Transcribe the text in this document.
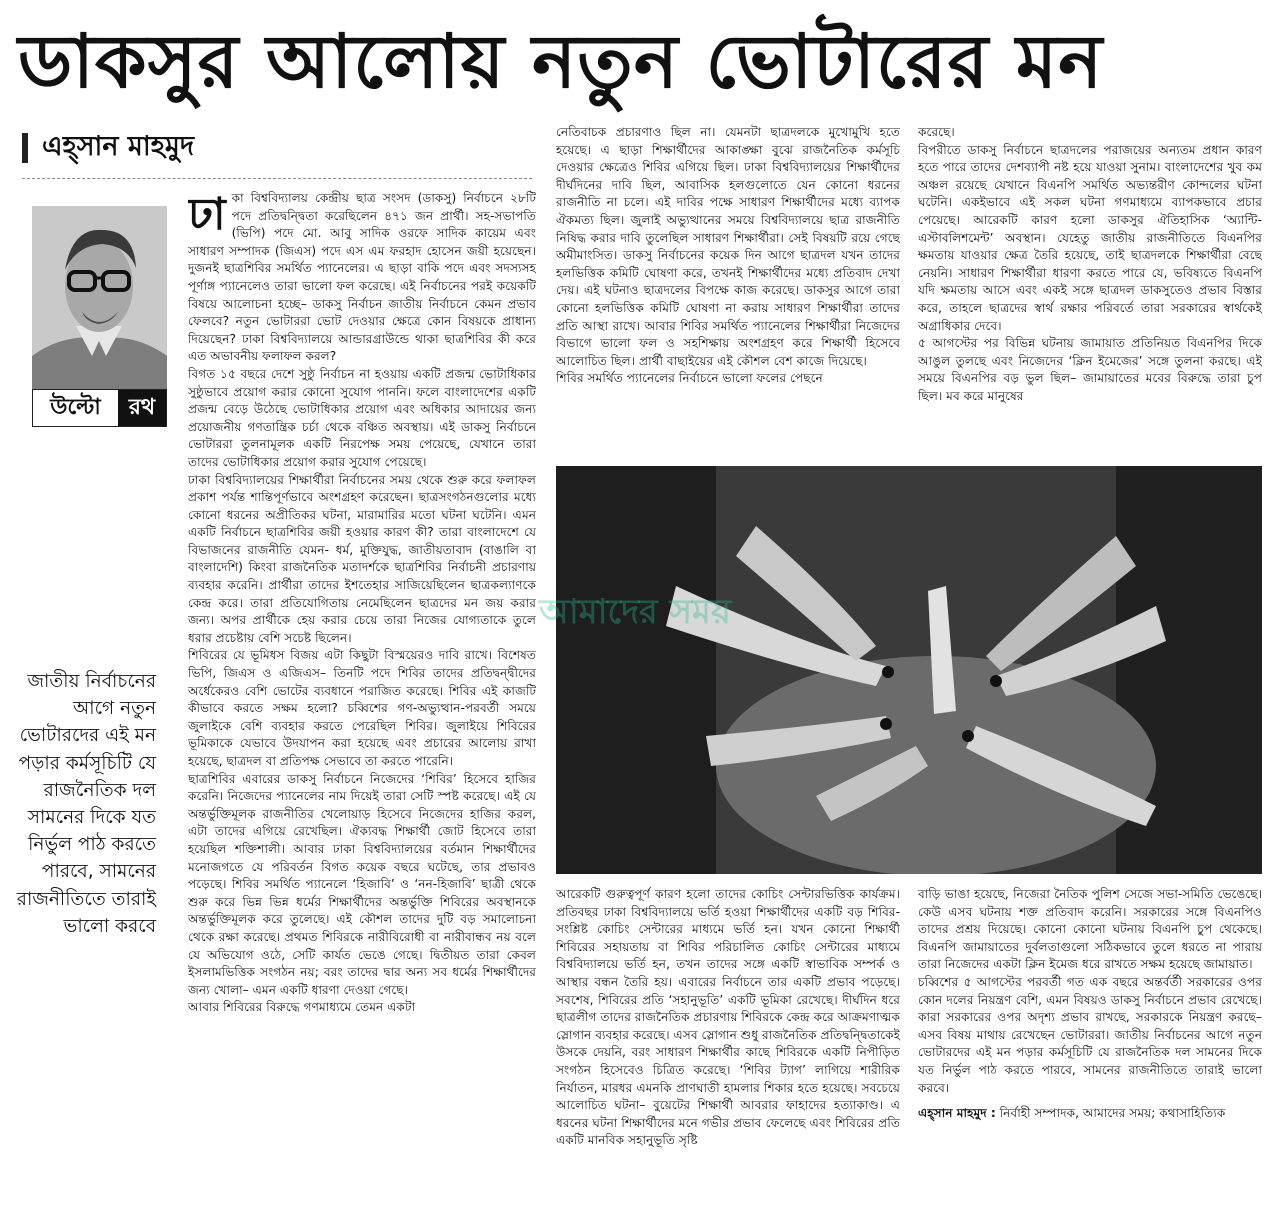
ডাকসুর আলোয় নতুন ভোটারের মন
এহ্‌সান মাহমুদ
উল্টো	রথ
জাতীয় নির্বাচনের আগে নতুন ভোটারদের এই মন পড়ার কর্মসূচিটি যে রাজনৈতিক দল সামনের দিকে যত নির্ভুল পাঠ করতে পারবে, সামনের রাজনীতিতে তারাই ভালো করবে
ঢা কা বিশ্ববিদ্যালয় কেন্দ্রীয় ছাত্র সংসদ (ডাকসু) নির্বাচনে ২৮টি পদে প্রতিদ্বন্দ্বিতা করেছিলেন ৪৭১ জন প্রার্থী। সহ-সভাপতি (ভিপি) পদে মো. আবু সাদিক ওরফে সাদিক কায়েম এবং সাধারণ সম্পাদক (জিএস) পদে এস এম ফরহাদ হোসেন জয়ী হয়েছেন। দুজনই ছাত্রশিবির সমর্থিত প্যানেলের। এ ছাড়া বাকি পদে এবং সদস্যসহ পূর্ণাঙ্গ প্যানেলেও তারা ভালো ফল করেছে। এই নির্বাচনের পরই কয়েকটি বিষয়ে আলোচনা হচ্ছে– ডাকসু নির্বাচন জাতীয় নির্বাচনে কেমন প্রভাব ফেলবে? নতুন ভোটাররা ভোট দেওয়ার ক্ষেত্রে কোন বিষয়কে প্রাধান্য দিয়েছেন? ঢাকা বিশ্ববিদ্যালয়ে আন্ডারগ্রাউন্ডে থাকা ছাত্রশিবির কী করে এত অভাবনীয় ফলাফল করল?

বিগত ১৫ বছরে দেশে সুষ্ঠু নির্বাচন না হওয়ায় একটি প্রজন্ম ভোটাধিকার সুষ্ঠুভাবে প্রয়োগ করার কোনো সুযোগ পাননি। ফলে বাংলাদেশের একটি প্রজন্ম বেড়ে উঠেছে ভোটাধিকার প্রয়োগ এবং অধিকার আদায়ের জন্য প্রয়োজনীয় গণতান্ত্রিক চর্চা থেকে বঞ্চিত অবস্থায়। এই ডাকসু নির্বাচনে ভোটাররা তুলনামূলক একটি নিরপেক্ষ সময় পেয়েছে, যেখানে তারা তাদের ভোটাধিকার প্রয়োগ করার সুযোগ পেয়েছে।

ঢাকা বিশ্ববিদ্যালয়ের শিক্ষার্থীরা নির্বাচনের সময় থেকে শুরু করে ফলাফল প্রকাশ পর্যন্ত শান্তিপূর্ণভাবে অংশগ্রহণ করেছেন। ছাত্রসংগঠনগুলোর মধ্যে কোনো ধরনের অপ্রীতিকর ঘটনা, মারামারির মতো ঘটনা ঘটেনি। এমন একটি নির্বাচনে ছাত্রশিবির জয়ী হওয়ার কারণ কী? তারা বাংলাদেশে যে বিভাজনের রাজনীতি যেমন- ধর্ম, মুক্তিযুদ্ধ, জাতীয়তাবাদ (বাঙালি বা বাংলাদেশি) কিংবা রাজনৈতিক মতাদর্শকে ছাত্রশিবির নির্বাচনী প্রচারণায় ব্যবহার করেনি। প্রার্থীরা তাদের ইশতেহার সাজিয়েছিলেন ছাত্রকল্যাণকে কেন্দ্র করে। তারা প্রতিযোগিতায় নেমেছিলেন ছাত্রদের মন জয় করার জন্য। অপর প্রার্থীকে হেয় করার চেয়ে তারা নিজের যোগ্যতাকে তুলে ধরার প্রচেষ্টায় বেশি সচেষ্ট ছিলেন।

শিবিরের যে ভূমিধস বিজয় এটা কিছুটা বিস্ময়েরও দাবি রাখে। বিশেষত ভিপি, জিএস ও এজিএস– তিনটি পদে শিবির তাদের প্রতিদ্বন্দ্বীদের অর্ধেকেরও বেশি ভোটের ব্যবধানে পরাজিত করেছে। শিবির এই কাজটি কীভাবে করতে সক্ষম হলো? চব্বিশের গণ-অভ্যুত্থান-পরবর্তী সময়ে জুলাইকে বেশি ব্যবহার করতে পেরেছিল শিবির। জুলাইয়ে শিবিরের ভূমিকাকে যেভাবে উদযাপন করা হয়েছে এবং প্রচারের আলোয় রাখা হয়েছে, ছাত্রদল বা প্রতিপক্ষ সেভাবে তা করতে পারেনি।

ছাত্রশিবির এবারের ডাকসু নির্বাচনে নিজেদের ‘শিবির’ হিসেবে হাজির করেনি। নিজেদের প্যানেলের নাম দিয়েই তারা সেটি স্পষ্ট করেছে। এই যে অন্তর্ভুক্তিমূলক রাজনীতির খেলোয়াড় হিসেবে নিজেদের হাজির করল, এটা তাদের এগিয়ে রেখেছিল। ঐক্যবদ্ধ শিক্ষার্থী জোট হিসেবে তারা হয়েছিল শক্তিশালী। আবার ঢাকা বিশ্ববিদ্যালয়ের বর্তমান শিক্ষার্থীদের মনোজগতে যে পরিবর্তন বিগত কয়েক বছরে ঘটেছে, তার প্রভাবও পড়েছে। শিবির সমর্থিত প্যানেলে ‘হিজাবি’ ও ‘নন-হিজাবি’ ছাত্রী থেকে শুরু করে ভিন্ন ভিন্ন ধর্মের শিক্ষার্থীদের অন্তর্ভুক্তি শিবিরের অবস্থানকে অন্তর্ভুক্তিমূলক করে তুলেছে। এই কৌশল তাদের দুটি বড় সমালোচনা থেকে রক্ষা করেছে। প্রথমত শিবিরকে নারীবিরোধী বা নারীবান্ধব নয় বলে যে অভিযোগ ওঠে, সেটি কার্যত ভেঙে গেছে। দ্বিতীয়ত তারা কেবল ইসলামভিত্তিক সংগঠন নয়; বরং তাদের দ্বার অন্য সব ধর্মের শিক্ষার্থীদের জন্য খোলা– এমন একটি ধারণা দেওয়া গেছে।

আবার শিবিরের বিরুদ্ধে গণমাধ্যমে তেমন একটা

নেতিবাচক প্রচারণাও ছিল না। যেমনটা ছাত্রদলকে মুখোমুখি হতে হয়েছে। এ ছাড়া শিক্ষার্থীদের আকাঙ্ক্ষা বুঝে রাজনৈতিক কর্মসূচি দেওয়ার ক্ষেত্রেও শিবির এগিয়ে ছিল। ঢাকা বিশ্ববিদ্যালয়ের শিক্ষার্থীদের দীর্ঘদিনের দাবি ছিল, আবাসিক হলগুলোতে যেন কোনো ধরনের রাজনীতি না চলে। এই দাবির পক্ষে সাধারণ শিক্ষার্থীদের মধ্যে ব্যাপক ঐকমত্য ছিল। জুলাই অভ্যুত্থানের সময়ে বিশ্ববিদ্যালয়ে ছাত্র রাজনীতি নিষিদ্ধ করার দাবি তুলেছিল সাধারণ শিক্ষার্থীরা। সেই বিষয়টি রয়ে গেছে অমীমাংসিত। ডাকসু নির্বাচনের কয়েক দিন আগে ছাত্রদল যখন তাদের হলভিত্তিক কমিটি ঘোষণা করে, তখনই শিক্ষার্থীদের মধ্যে প্রতিবাদ দেখা দেয়। এই ঘটনাও ছাত্রদলের বিপক্ষে কাজ করেছে। ডাকসুর আগে তারা কোনো হলভিত্তিক কমিটি ঘোষণা না করায় সাধারণ শিক্ষার্থীরা তাদের প্রতি আস্থা রাখে। আবার শিবির সমর্থিত প্যানেলের শিক্ষার্থীরা নিজেদের বিভাগে ভালো ফল ও সহশিক্ষায় অংশগ্রহণ করে শিক্ষার্থী হিসেবে আলোচিত ছিল। প্রার্থী বাছাইয়ের এই কৌশল বেশ কাজে দিয়েছে।

শিবির সমর্থিত প্যানেলের নির্বাচনে ভালো ফলের পেছনে

করেছে।

বিপরীতে ডাকসু নির্বাচনে ছাত্রদলের পরাজয়ের অন্যতম প্রধান কারণ হতে পারে তাদের দেশব্যাপী নষ্ট হয়ে যাওয়া সুনাম। বাংলাদেশের খুব কম অঞ্চল রয়েছে যেখানে বিএনপি সমর্থিত অভ্যন্তরীণ কোন্দলের ঘটনা ঘটেনি। একইভাবে এই সকল ঘটনা গণমাধ্যমে ব্যাপকভাবে প্রচার পেয়েছে। আরেকটি কারণ হলো ডাকসুর ঐতিহাসিক ‘অ্যান্টি-এস্টাবলিশমেন্ট’ অবস্থান। যেহেতু জাতীয় রাজনীতিতে বিএনপির ক্ষমতায় যাওয়ার ক্ষেত্র তৈরি হয়েছে, তাই ছাত্রদলকে শিক্ষার্থীরা বেছে নেয়নি। সাধারণ শিক্ষার্থীরা ধারণা করতে পারে যে, ভবিষ্যতে বিএনপি যদি ক্ষমতায় আসে এবং একই সঙ্গে ছাত্রদল ডাকসুতেও প্রভাব বিস্তার করে, তাহলে ছাত্রদের স্বার্থ রক্ষার পরিবর্তে তারা সরকারের স্বার্থকেই অগ্রাধিকার দেবে।

৫ আগস্টের পর বিভিন্ন ঘটনায় জামায়াত প্রতিনিয়ত বিএনপির দিকে আঙুল তুলছে এবং নিজেদের ‘ক্লিন ইমেজের’ সঙ্গে তুলনা করছে। এই সময়ে বিএনপির বড় ভুল ছিল– জামায়াতের মবের বিরুদ্ধে তারা চুপ ছিল। মব করে মানুষের

আমাদের সময়

আরেকটি গুরুত্বপূর্ণ কারণ হলো তাদের কোচিং সেন্টারভিত্তিক কার্যক্রম। প্রতিবছর ঢাকা বিশ্ববিদ্যালয়ে ভর্তি হওয়া শিক্ষার্থীদের একটি বড় শিবির-সংশ্লিষ্ট কোচিং সেন্টারের মাধ্যমে ভর্তি হন। যখন কোনো শিক্ষার্থী শিবিরের সহায়তায় বা শিবির পরিচালিত কোচিং সেন্টারের মাধ্যমে বিশ্ববিদ্যালয়ে ভর্তি হন, তখন তাদের সঙ্গে একটি স্বাভাবিক সম্পর্ক ও আস্থার বন্ধন তৈরি হয়। এবারের নির্বাচনে তার একটি প্রভাব পড়েছে। সবশেষ, শিবিরের প্রতি ‘সহানুভূতি’ একটি ভূমিকা রেখেছে। দীর্ঘদিন ধরে ছাত্রলীগ তাদের রাজনৈতিক প্রচারণায় শিবিরকে কেন্দ্র করে আক্রমণাত্মক স্লোগান ব্যবহার করেছে। এসব স্লোগান শুধু রাজনৈতিক প্রতিদ্বন্দ্বিতাকেই উসকে দেয়নি, বরং সাধারণ শিক্ষার্থীর কাছে শিবিরকে একটি নিপীড়িত সংগঠন হিসেবেও চিত্রিত করেছে। ‘শিবির ট্যাগ’ লাগিয়ে শারীরিক নির্যাতন, মারধর এমনকি প্রাণঘাতী হামলার শিকার হতে হয়েছে। সবচেয়ে আলোচিত ঘটনা– বুয়েটের শিক্ষার্থী আবরার ফাহাদের হত্যাকাণ্ড। এ ধরনের ঘটনা শিক্ষার্থীদের মনে গভীর প্রভাব ফেলেছে এবং শিবিরের প্রতি একটি মানবিক সহানুভূতি সৃষ্টি

বাড়ি ভাঙা হয়েছে, নিজেরা নৈতিক পুলিশ সেজে সভা-সমিতি ভেঙেছে। কেউ এসব ঘটনায় শক্ত প্রতিবাদ করেনি। সরকারের সঙ্গে বিএনপিও তাদের প্রশ্রয় দিয়েছে। কোনো কোনো ঘটনায় বিএনপি চুপ থেকেছে। বিএনপি জামায়াতের দুর্বলতাগুলো সঠিকভাবে তুলে ধরতে না পারায় তারা নিজেদের একটা ক্লিন ইমেজ ধরে রাখতে সক্ষম হয়েছে জামায়াত।

চব্বিশের ৫ আগস্টের পরবর্তী গত এক বছরে অন্তর্বর্তী সরকারের ওপর কোন দলের নিয়ন্ত্রণ বেশি, এমন বিষয়ও ডাকসু নির্বাচনে প্রভাব রেখেছে। কারা সরকারের ওপর অদৃশ্য প্রভাব রাখছে, সরকারকে নিয়ন্ত্রণ করছে– এসব বিষয় মাথায় রেখেছেন ভোটাররা। জাতীয় নির্বাচনের আগে নতুন ভোটারদের এই মন পড়ার কর্মসূচিটি যে রাজনৈতিক দল সামনের দিকে যত নির্ভুল পাঠ করতে পারবে, সামনের রাজনীতিতে তারাই ভালো করবে।

এহ্‌সান মাহমুদ : নির্বাহী সম্পাদক, আমাদের সময়; কথাসাহিত্যিক
